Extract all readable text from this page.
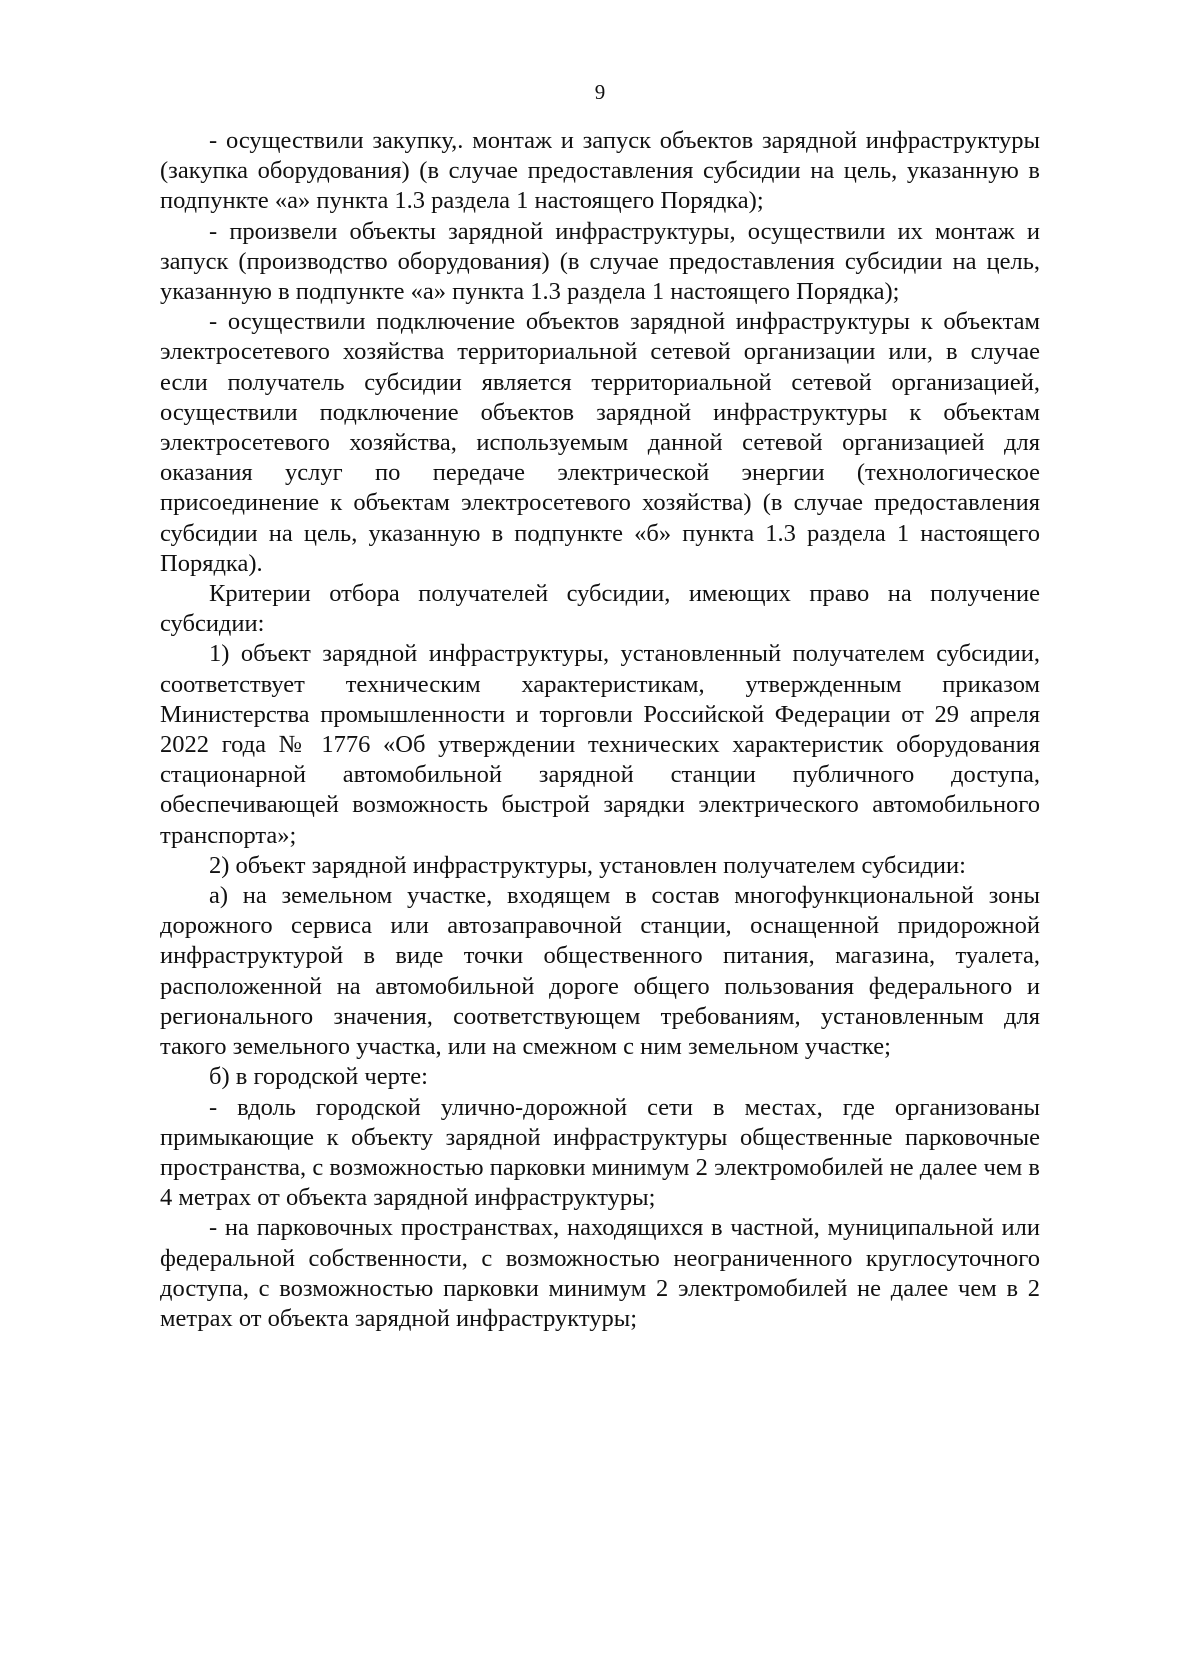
9

- осуществили закупку,. монтаж и запуск объектов зарядной инфраструктуры (закупка оборудования) (в случае предоставления субсидии на цель, указанную в подпункте «а» пункта 1.3 раздела 1 настоящего Порядка);

- произвели объекты зарядной инфраструктуры, осуществили их монтаж и запуск (производство оборудования) (в случае предоставления субсидии на цель, указанную в подпункте «а» пункта 1.3 раздела 1 настоящего Порядка);

- осуществили подключение объектов зарядной инфраструктуры к объектам электросетевого хозяйства территориальной сетевой организации или, в случае если получатель субсидии является территориальной сетевой организацией, осуществили подключение объектов зарядной инфраструктуры к объектам электросетевого хозяйства, используемым данной сетевой организацией для оказания услуг по передаче электрической энергии (технологическое присоединение к объектам электросетевого хозяйства) (в случае предоставления субсидии на цель, указанную в подпункте «б» пункта 1.3 раздела 1 настоящего Порядка).

Критерии отбора получателей субсидии, имеющих право на получение субсидии:

1) объект зарядной инфраструктуры, установленный получателем субсидии, соответствует техническим характеристикам, утвержденным приказом Министерства промышленности и торговли Российской Федерации от 29 апреля 2022 года № 1776 «Об утверждении технических характеристик оборудования стационарной автомобильной зарядной станции публичного доступа, обеспечивающей возможность быстрой зарядки электрического автомобильного транспорта»;

2) объект зарядной инфраструктуры, установлен получателем субсидии:

а) на земельном участке, входящем в состав многофункциональной зоны дорожного сервиса или автозаправочной станции, оснащенной придорожной инфраструктурой в виде точки общественного питания, магазина, туалета, расположенной на автомобильной дороге общего пользования федерального и регионального значения, соответствующем требованиям, установленным для такого земельного участка, или на смежном с ним земельном участке;

б) в городской черте:

- вдоль городской улично-дорожной сети в местах, где организованы примыкающие к объекту зарядной инфраструктуры общественные парковочные пространства, с возможностью парковки минимум 2 электромобилей не далее чем в 4 метрах от объекта зарядной инфраструктуры;

- на парковочных пространствах, находящихся в частной, муниципальной или федеральной собственности, с возможностью неограниченного круглосуточного доступа, с возможностью парковки минимум 2 электромобилей не далее чем в 2 метрах от объекта зарядной инфраструктуры;
